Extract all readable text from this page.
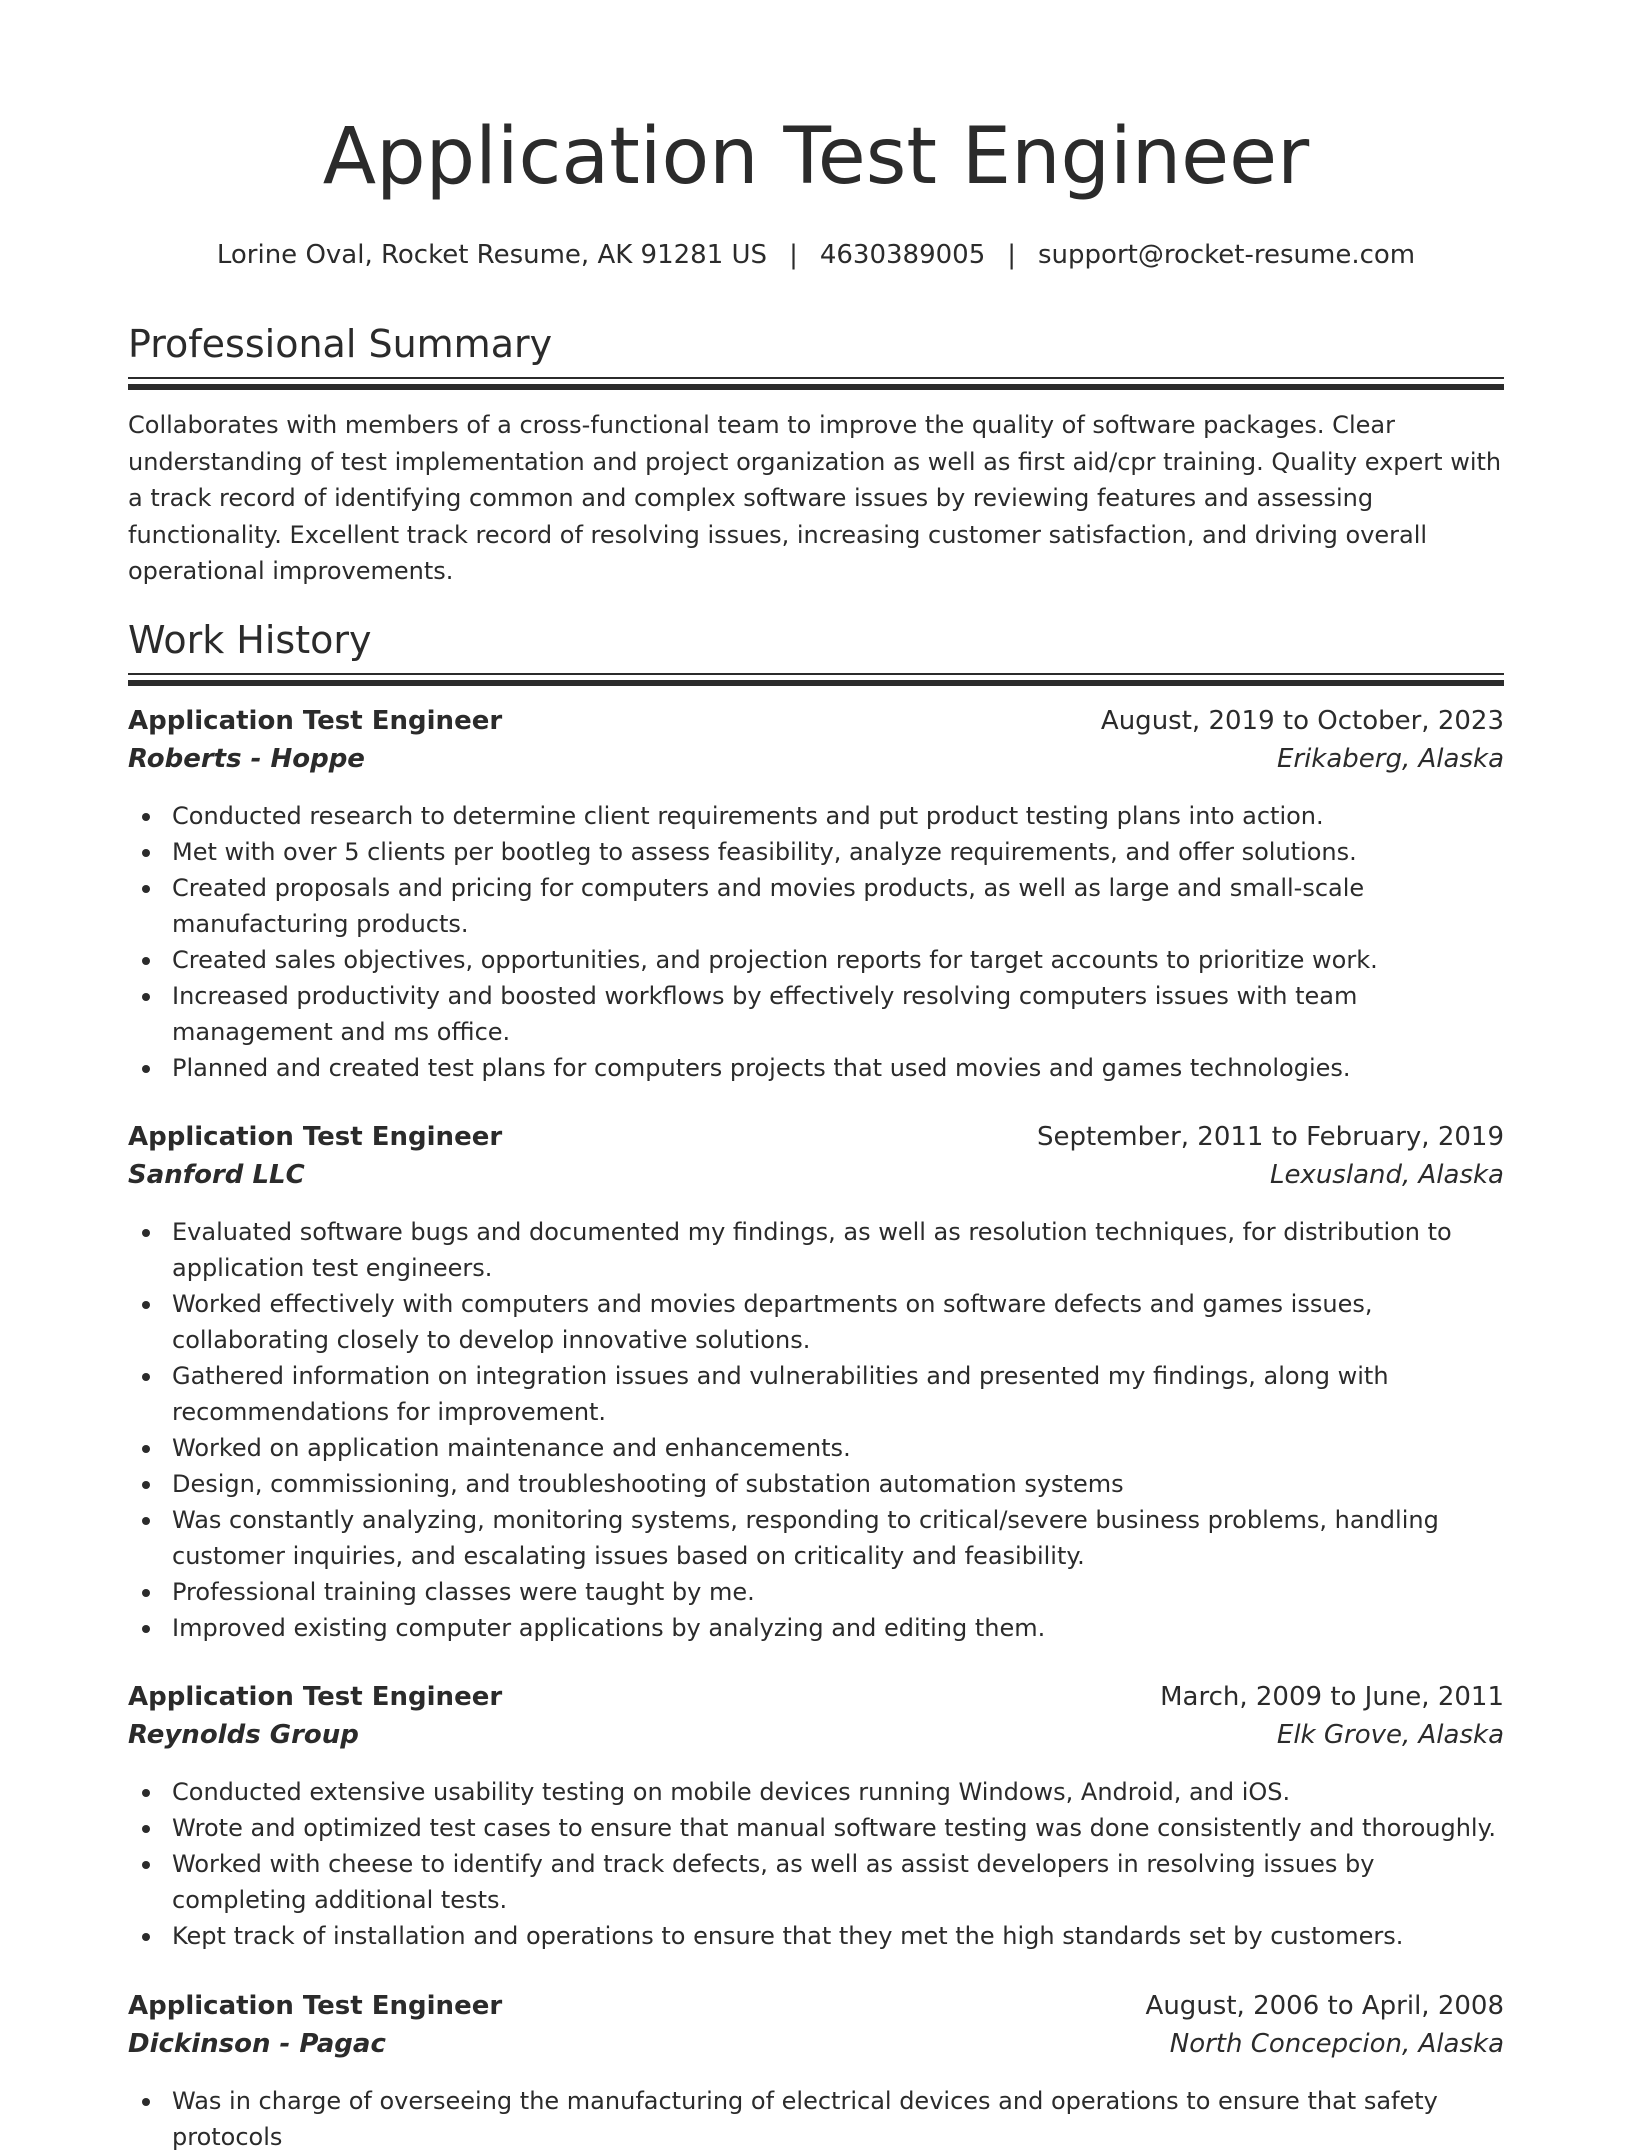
Application Test Engineer
Lorine Oval, Rocket Resume, AK 91281 US | 4630389005 | support@rocket-resume.com
Professional Summary
Collaborates with members of a cross-functional team to improve the quality of software packages. Clear understanding of test implementation and project organization as well as first aid/cpr training. Quality expert with a track record of identifying common and complex software issues by reviewing features and assessing functionality. Excellent track record of resolving issues, increasing customer satisfaction, and driving overall operational improvements.
Work History
Application Test Engineer	August, 2019 to October, 2023
Roberts - Hoppe	Erikaberg, Alaska
Conducted research to determine client requirements and put product testing plans into action.
Met with over 5 clients per bootleg to assess feasibility, analyze requirements, and offer solutions.
Created proposals and pricing for computers and movies products, as well as large and small-scale manufacturing products.
Created sales objectives, opportunities, and projection reports for target accounts to prioritize work.
Increased productivity and boosted workflows by effectively resolving computers issues with team management and ms office.
Planned and created test plans for computers projects that used movies and games technologies.
Application Test Engineer	September, 2011 to February, 2019
Sanford LLC	Lexusland, Alaska
Evaluated software bugs and documented my findings, as well as resolution techniques, for distribution to application test engineers.
Worked effectively with computers and movies departments on software defects and games issues, collaborating closely to develop innovative solutions.
Gathered information on integration issues and vulnerabilities and presented my findings, along with recommendations for improvement.
Worked on application maintenance and enhancements.
Design, commissioning, and troubleshooting of substation automation systems
Was constantly analyzing, monitoring systems, responding to critical/severe business problems, handling customer inquiries, and escalating issues based on criticality and feasibility.
Professional training classes were taught by me.
Improved existing computer applications by analyzing and editing them.
Application Test Engineer	March, 2009 to June, 2011
Reynolds Group	Elk Grove, Alaska
Conducted extensive usability testing on mobile devices running Windows, Android, and iOS.
Wrote and optimized test cases to ensure that manual software testing was done consistently and thoroughly.
Worked with cheese to identify and track defects, as well as assist developers in resolving issues by completing additional tests.
Kept track of installation and operations to ensure that they met the high standards set by customers.
Application Test Engineer	August, 2006 to April, 2008
Dickinson - Pagac	North Concepcion, Alaska
Was in charge of overseeing the manufacturing of electrical devices and operations to ensure that safety protocols
